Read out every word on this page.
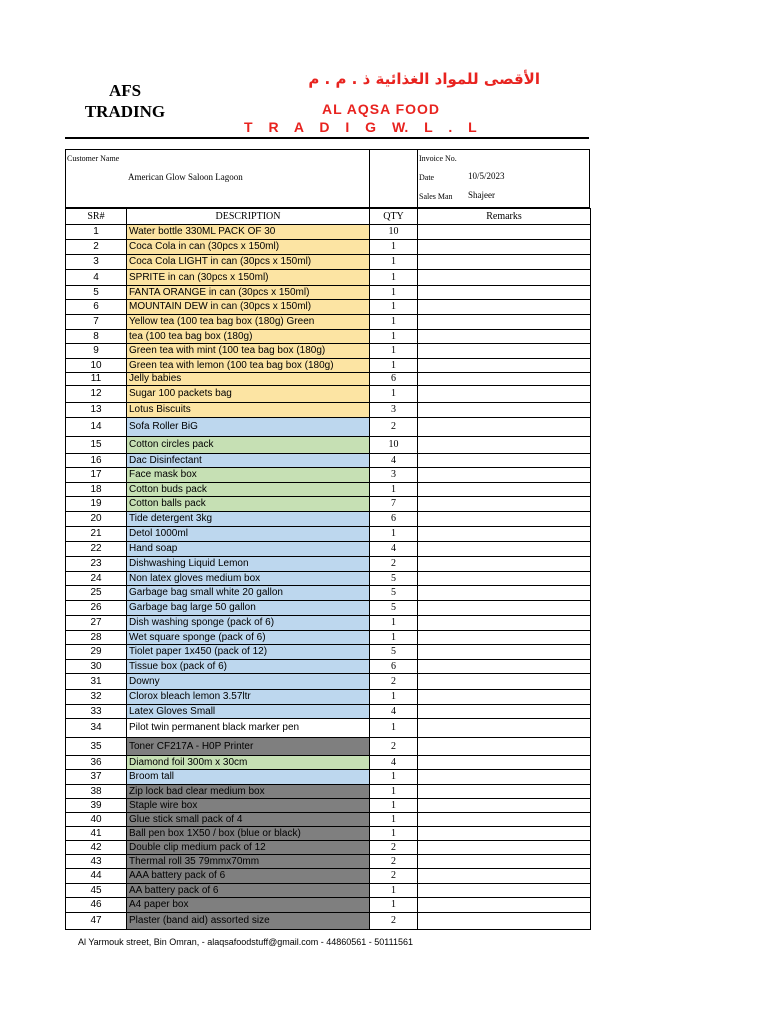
AFS
TRADING
الأقصى للمواد الغذائية ذ . م . م
AL AQSA FOOD
T R A D I G W. L . L
Customer Name
American Glow Saloon Lagoon
Invoice No.
Date	10/5/2023
Sales Man Shajeer
SR#	DESCRIPTION	QTY	Remarks
1	Water bottle 330ML PACK OF 30	10	
2	Coca Cola in can (30pcs x 150ml)	1	
3	Coca Cola LIGHT in can (30pcs x 150ml)	1	
4	SPRITE in can (30pcs x 150ml)	1	
5	FANTA ORANGE in can (30pcs x 150ml)	1	
6	MOUNTAIN DEW in can (30pcs x 150ml)	1	
7	Yellow tea (100 tea bag box (180g) Green	1	
8	tea (100 tea bag box (180g)	1	
9	Green tea with mint (100 tea bag box (180g)	1	
10	Green tea with lemon (100 tea bag box (180g)	1	
11	Jelly babies	6	
12	Sugar 100 packets bag	1	
13	Lotus Biscuits	3	
14	Sofa Roller BiG	2	
15	Cotton circles pack	10	
16	Dac Disinfectant	4	
17	Face mask box	3	
18	Cotton buds pack	1	
19	Cotton balls pack	7	
20	Tide detergent 3kg	6	
21	Detol 1000ml	1	
22	Hand soap	4	
23	Dishwashing Liquid Lemon	2	
24	Non latex gloves medium box	5	
25	Garbage bag small white 20 gallon	5	
26	Garbage bag large 50 gallon	5	
27	Dish washing sponge (pack of 6)	1	
28	Wet square sponge (pack of 6)	1	
29	Tiolet paper 1x450 (pack of 12)	5	
30	Tissue box (pack of 6)	6	
31	Downy	2	
32	Clorox bleach lemon 3.57ltr	1	
33	Latex Gloves Small	4	
34	Pilot twin permanent black marker pen	1	
35	Toner CF217A - H0P Printer	2	
36	Diamond foil 300m x 30cm	4	
37	Broom tall	1	
38	Zip lock bad clear medium box	1	
39	Staple wire box	1	
40	Glue stick small pack of 4	1	
41	Ball pen box 1X50 / box (blue or black)	1	
42	Double clip medium pack of 12	2	
43	Thermal roll 35 79mmx70mm	2	
44	AAA battery pack of 6	2	
45	AA battery pack of 6	1	
46	A4 paper box	1	
47	Plaster (band aid) assorted size	2	
Al Yarmouk street, Bin Omran, - alaqsafoodstuff@gmail.com - 44860561 - 50111561
